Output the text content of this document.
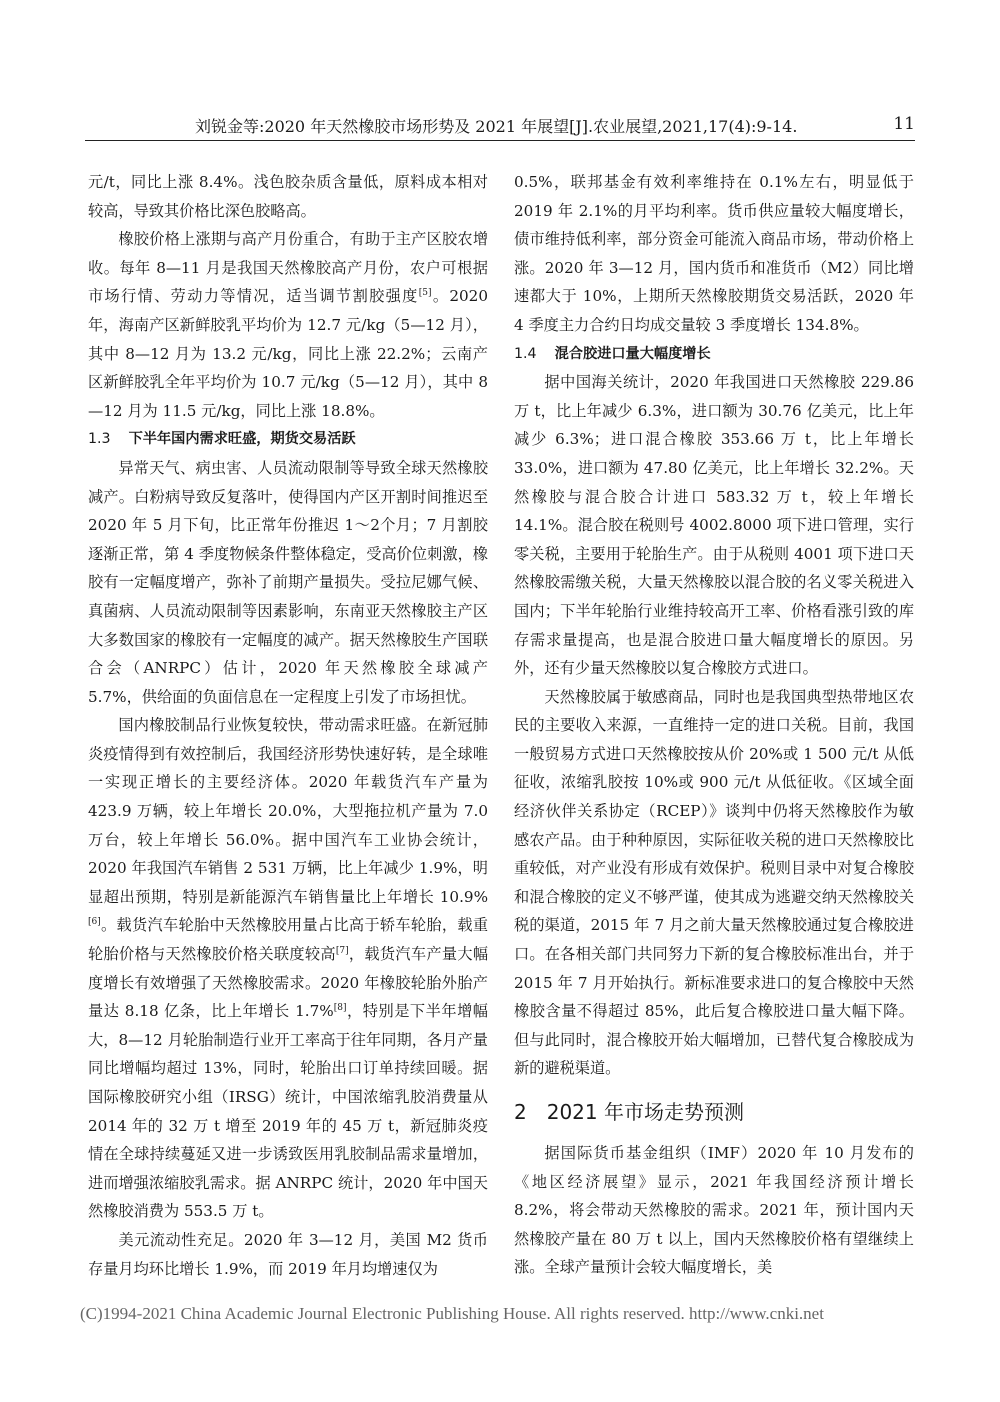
刘锐金等:2020 年天然橡胶市场形势及 2021 年展望[J].农业展望,2021,17(4):9-14.	11

元/t，同比上涨 8.4%。浅色胶杂质含量低，原料成本相对较高，导致其价格比深色胶略高。

橡胶价格上涨期与高产月份重合，有助于主产区胶农增收。每年 8—11 月是我国天然橡胶高产月份，农户可根据市场行情、劳动力等情况，适当调节割胶强度[5]。2020 年，海南产区新鲜胶乳平均价为 12.7 元/kg（5—12 月），其中 8—12 月为 13.2 元/kg，同比上涨 22.2%；云南产区新鲜胶乳全年平均价为 10.7 元/kg（5—12 月），其中 8—12 月为 11.5 元/kg，同比上涨 18.8%。

1.3 下半年国内需求旺盛，期货交易活跃

异常天气、病虫害、人员流动限制等导致全球天然橡胶减产。白粉病导致反复落叶，使得国内产区开割时间推迟至 2020 年 5 月下旬，比正常年份推迟 1～2个月；7 月割胶逐渐正常，第 4 季度物候条件整体稳定，受高价位刺激，橡胶有一定幅度增产，弥补了前期产量损失。受拉尼娜气候、真菌病、人员流动限制等因素影响，东南亚天然橡胶主产区大多数国家的橡胶有一定幅度的减产。据天然橡胶生产国联合会（ANRPC）估计，2020 年天然橡胶全球减产 5.7%，供给面的负面信息在一定程度上引发了市场担忧。

国内橡胶制品行业恢复较快，带动需求旺盛。在新冠肺炎疫情得到有效控制后，我国经济形势快速好转，是全球唯一实现正增长的主要经济体。2020 年载货汽车产量为 423.9 万辆，较上年增长 20.0%，大型拖拉机产量为 7.0 万台，较上年增长 56.0%。据中国汽车工业协会统计，2020 年我国汽车销售 2 531 万辆，比上年减少 1.9%，明显超出预期，特别是新能源汽车销售量比上年增长 10.9%[6]。载货汽车轮胎中天然橡胶用量占比高于轿车轮胎，载重轮胎价格与天然橡胶价格关联度较高[7]，载货汽车产量大幅度增长有效增强了天然橡胶需求。2020 年橡胶轮胎外胎产量达 8.18 亿条，比上年增长 1.7%[8]，特别是下半年增幅大，8—12 月轮胎制造行业开工率高于往年同期，各月产量同比增幅均超过 13%，同时，轮胎出口订单持续回暖。据国际橡胶研究小组（IRSG）统计，中国浓缩乳胶消费量从 2014 年的 32 万 t 增至 2019 年的 45 万 t，新冠肺炎疫情在全球持续蔓延又进一步诱致医用乳胶制品需求量增加，进而增强浓缩胶乳需求。据 ANRPC 统计，2020 年中国天然橡胶消费为 553.5 万 t。

美元流动性充足。2020 年 3—12 月，美国 M2 货币存量月均环比增长 1.9%，而 2019 年月均增速仅为

0.5%，联邦基金有效利率维持在 0.1%左右，明显低于 2019 年 2.1%的月平均利率。货币供应量较大幅度增长，债市维持低利率，部分资金可能流入商品市场，带动价格上涨。2020 年 3—12 月，国内货币和准货币（M2）同比增速都大于 10%，上期所天然橡胶期货交易活跃，2020 年 4 季度主力合约日均成交量较 3 季度增长 134.8%。

1.4 混合胶进口量大幅度增长

据中国海关统计，2020 年我国进口天然橡胶 229.86 万 t，比上年减少 6.3%，进口额为 30.76 亿美元，比上年减少 6.3%；进口混合橡胶 353.66 万 t，比上年增长 33.0%，进口额为 47.80 亿美元，比上年增长 32.2%。天然橡胶与混合胶合计进口 583.32 万 t，较上年增长 14.1%。混合胶在税则号 4002.8000 项下进口管理，实行零关税，主要用于轮胎生产。由于从税则 4001 项下进口天然橡胶需缴关税，大量天然橡胶以混合胶的名义零关税进入国内；下半年轮胎行业维持较高开工率、价格看涨引致的库存需求量提高，也是混合胶进口量大幅度增长的原因。另外，还有少量天然橡胶以复合橡胶方式进口。

天然橡胶属于敏感商品，同时也是我国典型热带地区农民的主要收入来源，一直维持一定的进口关税。目前，我国一般贸易方式进口天然橡胶按从价 20%或 1 500 元/t 从低征收，浓缩乳胶按 10%或 900 元/t 从低征收。《区域全面经济伙伴关系协定（RCEP）》谈判中仍将天然橡胶作为敏感农产品。由于种种原因，实际征收关税的进口天然橡胶比重较低，对产业没有形成有效保护。税则目录中对复合橡胶和混合橡胶的定义不够严谨，使其成为逃避交纳天然橡胶关税的渠道，2015 年 7 月之前大量天然橡胶通过复合橡胶进口。在各相关部门共同努力下新的复合橡胶标准出台，并于 2015 年 7 月开始执行。新标准要求进口的复合橡胶中天然橡胶含量不得超过 85%，此后复合橡胶进口量大幅下降。但与此同时，混合橡胶开始大幅增加，已替代复合橡胶成为新的避税渠道。

2 2021 年市场走势预测

据国际货币基金组织（IMF）2020 年 10 月发布的《地区经济展望》显示，2021 年我国经济预计增长 8.2%，将会带动天然橡胶的需求。2021 年，预计国内天然橡胶产量在 80 万 t 以上，国内天然橡胶价格有望继续上涨。全球产量预计会较大幅度增长，美

(C)1994-2021 China Academic Journal Electronic Publishing House. All rights reserved. http://www.cnki.net
